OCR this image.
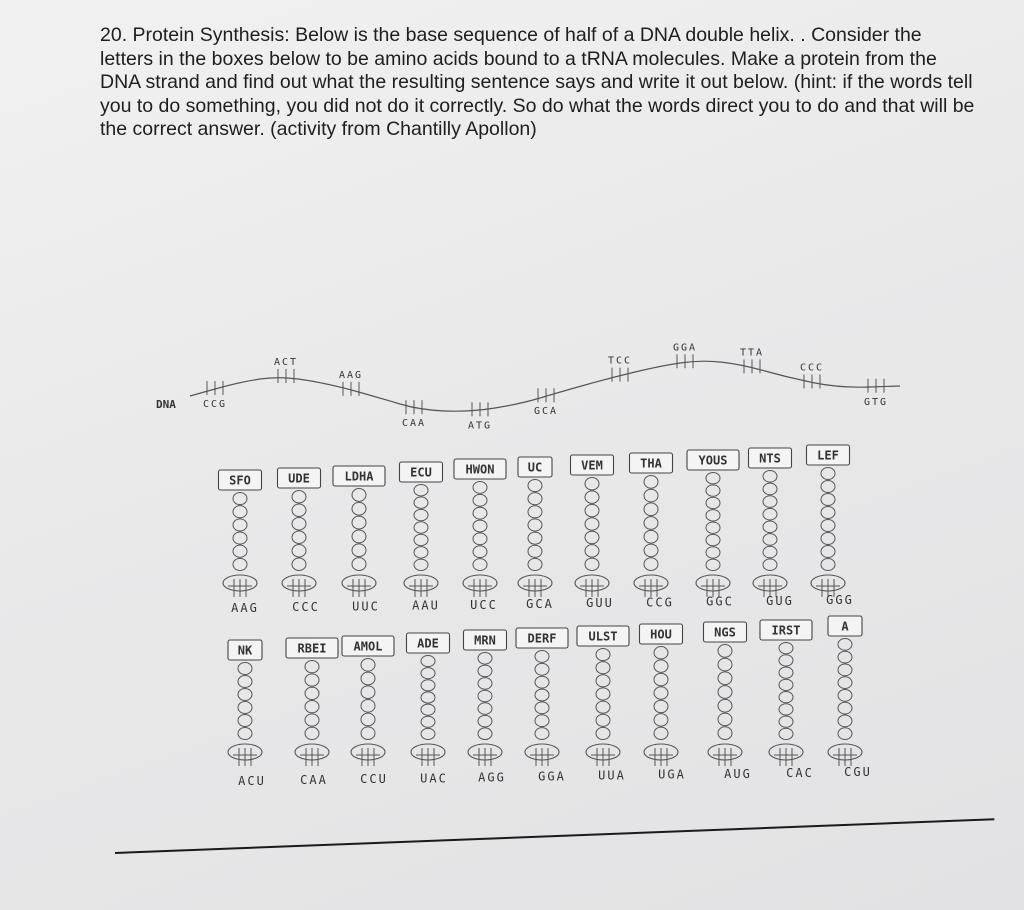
20. Protein Synthesis: Below is the base sequence of half of a DNA double helix. . Consider the letters in the boxes below to be amino acids bound to a tRNA molecules. Make a protein from the DNA strand and find out what the resulting sentence says and write it out below. (hint: if the words tell you to do something, you did not do it correctly. So do what the words direct you to do and that will be the correct answer. (activity from Chantilly Apollon)

DNA	CCG
ACT
AAG
CAA	ATG
GCA
TCC
GGA	TTA
CCC
GTG
SFO
AAG
UDE
CCC
LDHA
UUC
ECU
AAU
HWON
UCC
UC
GCA
VEM
GUU
THA
CCG
YOUS
GGC
NTS
GUG
LEF
GGG
NK
ACU
RBEI
CAA
AMOL
CCU
ADE
UAC
MRN
AGG
DERF
GGA
ULST
UUA
HOU
UGA
NGS
AUG
IRST
CAC
A
CGU
